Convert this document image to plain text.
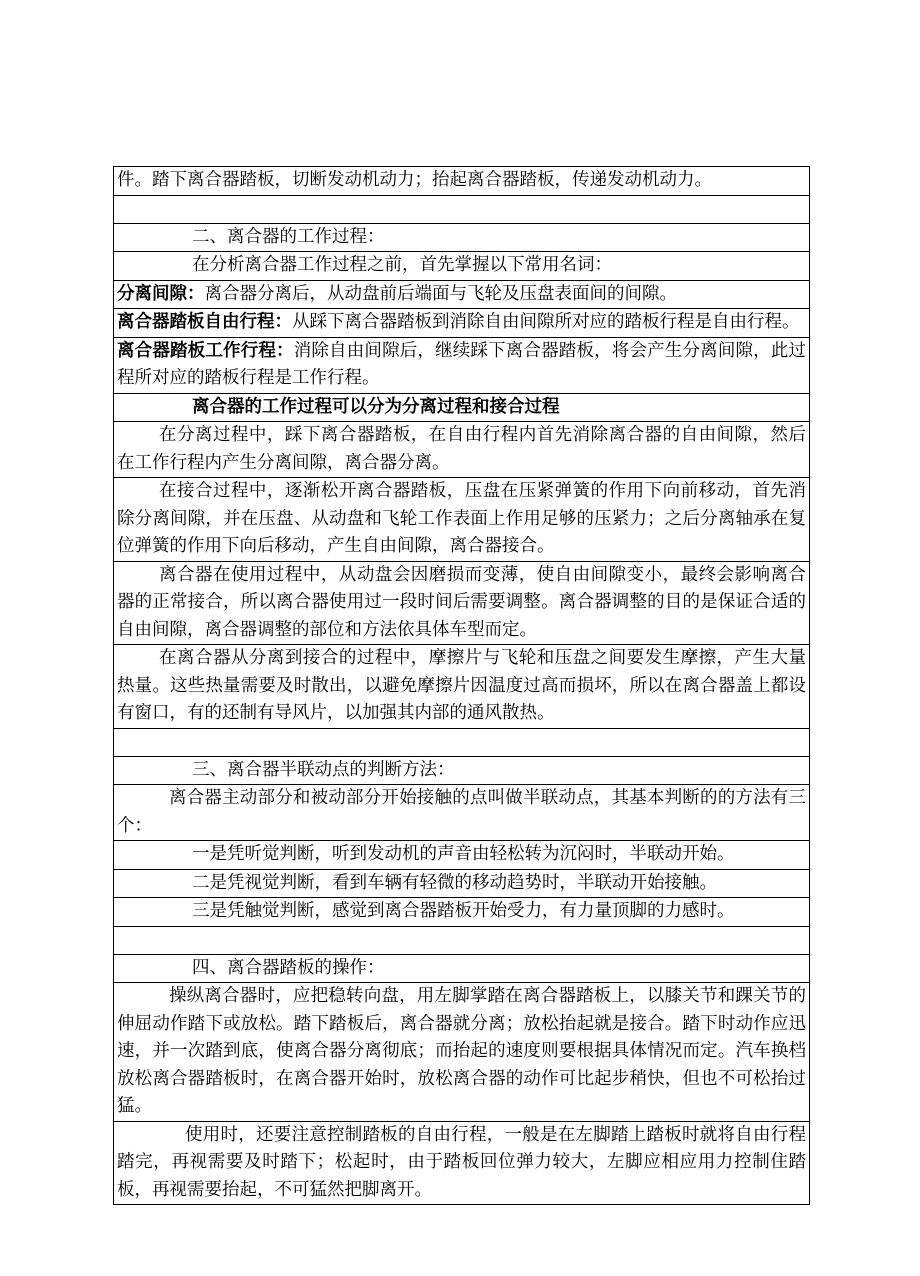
件。踏下离合器踏板，切断发动机动力；抬起离合器踏板，传递发动机动力。

二、离合器的工作过程：
在分析离合器工作过程之前，首先掌握以下常用名词：
分离间隙：离合器分离后，从动盘前后端面与飞轮及压盘表面间的间隙。
离合器踏板自由行程：从踩下离合器踏板到消除自由间隙所对应的踏板行程是自由行程。
离合器踏板工作行程：消除自由间隙后，继续踩下离合器踏板，将会产生分离间隙，此过程所对应的踏板行程是工作行程。
离合器的工作过程可以分为分离过程和接合过程
在分离过程中，踩下离合器踏板，在自由行程内首先消除离合器的自由间隙，然后在工作行程内产生分离间隙，离合器分离。
在接合过程中，逐渐松开离合器踏板，压盘在压紧弹簧的作用下向前移动，首先消除分离间隙，并在压盘、从动盘和飞轮工作表面上作用足够的压紧力；之后分离轴承在复位弹簧的作用下向后移动，产生自由间隙，离合器接合。
离合器在使用过程中，从动盘会因磨损而变薄，使自由间隙变小，最终会影响离合器的正常接合，所以离合器使用过一段时间后需要调整。离合器调整的目的是保证合适的自由间隙，离合器调整的部位和方法依具体车型而定。
在离合器从分离到接合的过程中，摩擦片与飞轮和压盘之间要发生摩擦，产生大量热量。这些热量需要及时散出，以避免摩擦片因温度过高而损坏，所以在离合器盖上都设有窗口，有的还制有导风片，以加强其内部的通风散热。

三、离合器半联动点的判断方法：
离合器主动部分和被动部分开始接触的点叫做半联动点，其基本判断的的方法有三个：
一是凭听觉判断，听到发动机的声音由轻松转为沉闷时，半联动开始。
二是凭视觉判断，看到车辆有轻微的移动趋势时，半联动开始接触。
三是凭触觉判断，感觉到离合器踏板开始受力，有力量顶脚的力感时。

四、离合器踏板的操作：
操纵离合器时，应把稳转向盘，用左脚掌踏在离合器踏板上，以膝关节和踝关节的伸屈动作踏下或放松。踏下踏板后，离合器就分离；放松抬起就是接合。踏下时动作应迅速，并一次踏到底，使离合器分离彻底；而抬起的速度则要根据具体情况而定。汽车换档放松离合器踏板时，在离合器开始时，放松离合器的动作可比起步稍快，但也不可松抬过猛。
使用时，还要注意控制踏板的自由行程，一般是在左脚踏上踏板时就将自由行程踏完，再视需要及时踏下；松起时，由于踏板回位弹力较大，左脚应相应用力控制住踏板，再视需要抬起，不可猛然把脚离开。
